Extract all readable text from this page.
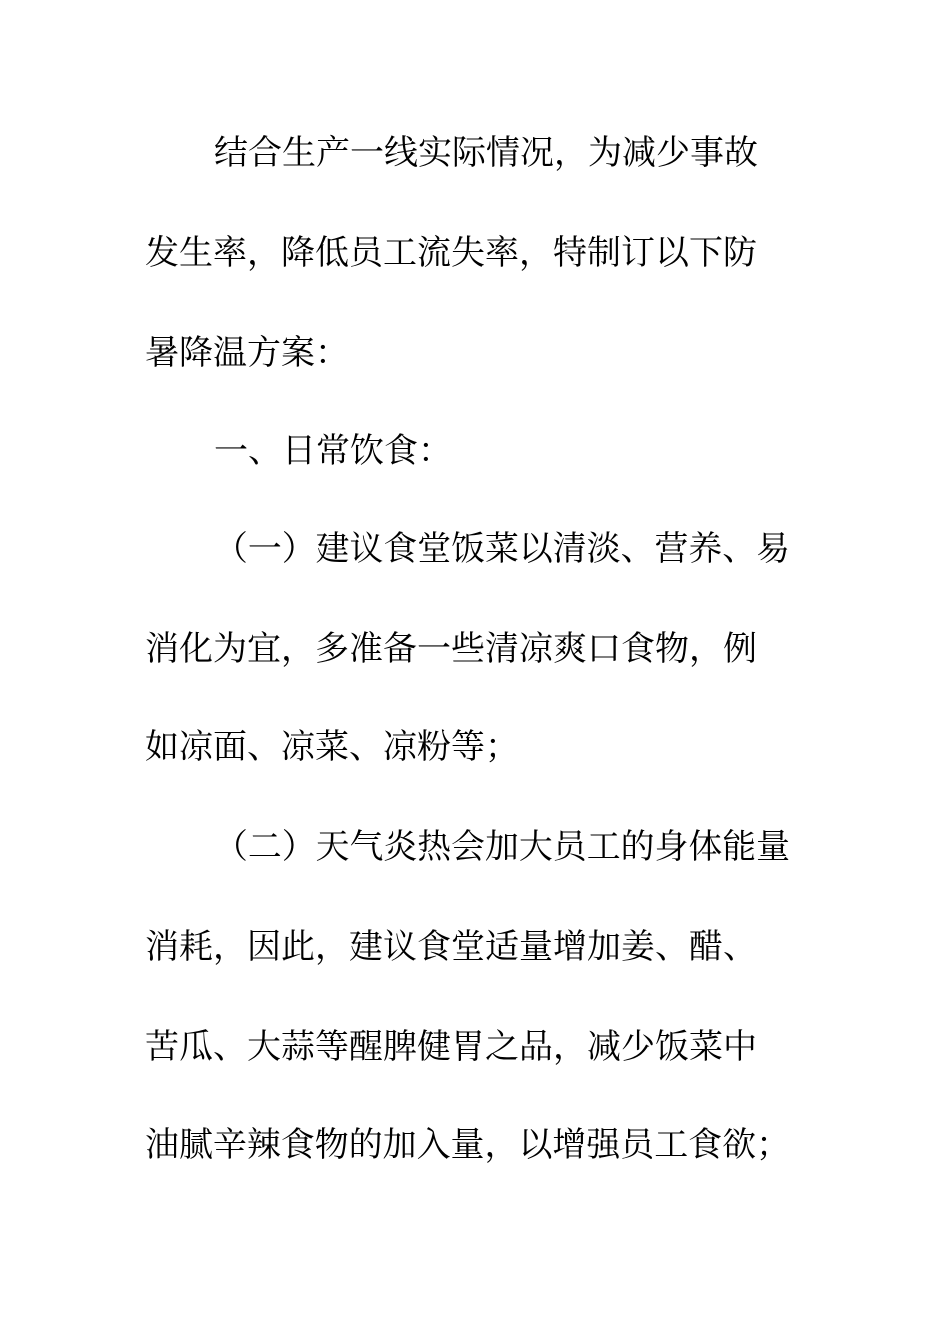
结合生产一线实际情况，为减少事故
发生率，降低员工流失率，特制订以下防
暑降温方案：
一、日常饮食：
（一）建议食堂饭菜以清淡、营养、易
消化为宜，多准备一些清凉爽口食物，例
如凉面、凉菜、凉粉等；
（二）天气炎热会加大员工的身体能量
消耗，因此，建议食堂适量增加姜、醋、
苦瓜、大蒜等醒脾健胃之品，减少饭菜中
油腻辛辣食物的加入量，以增强员工食欲；
